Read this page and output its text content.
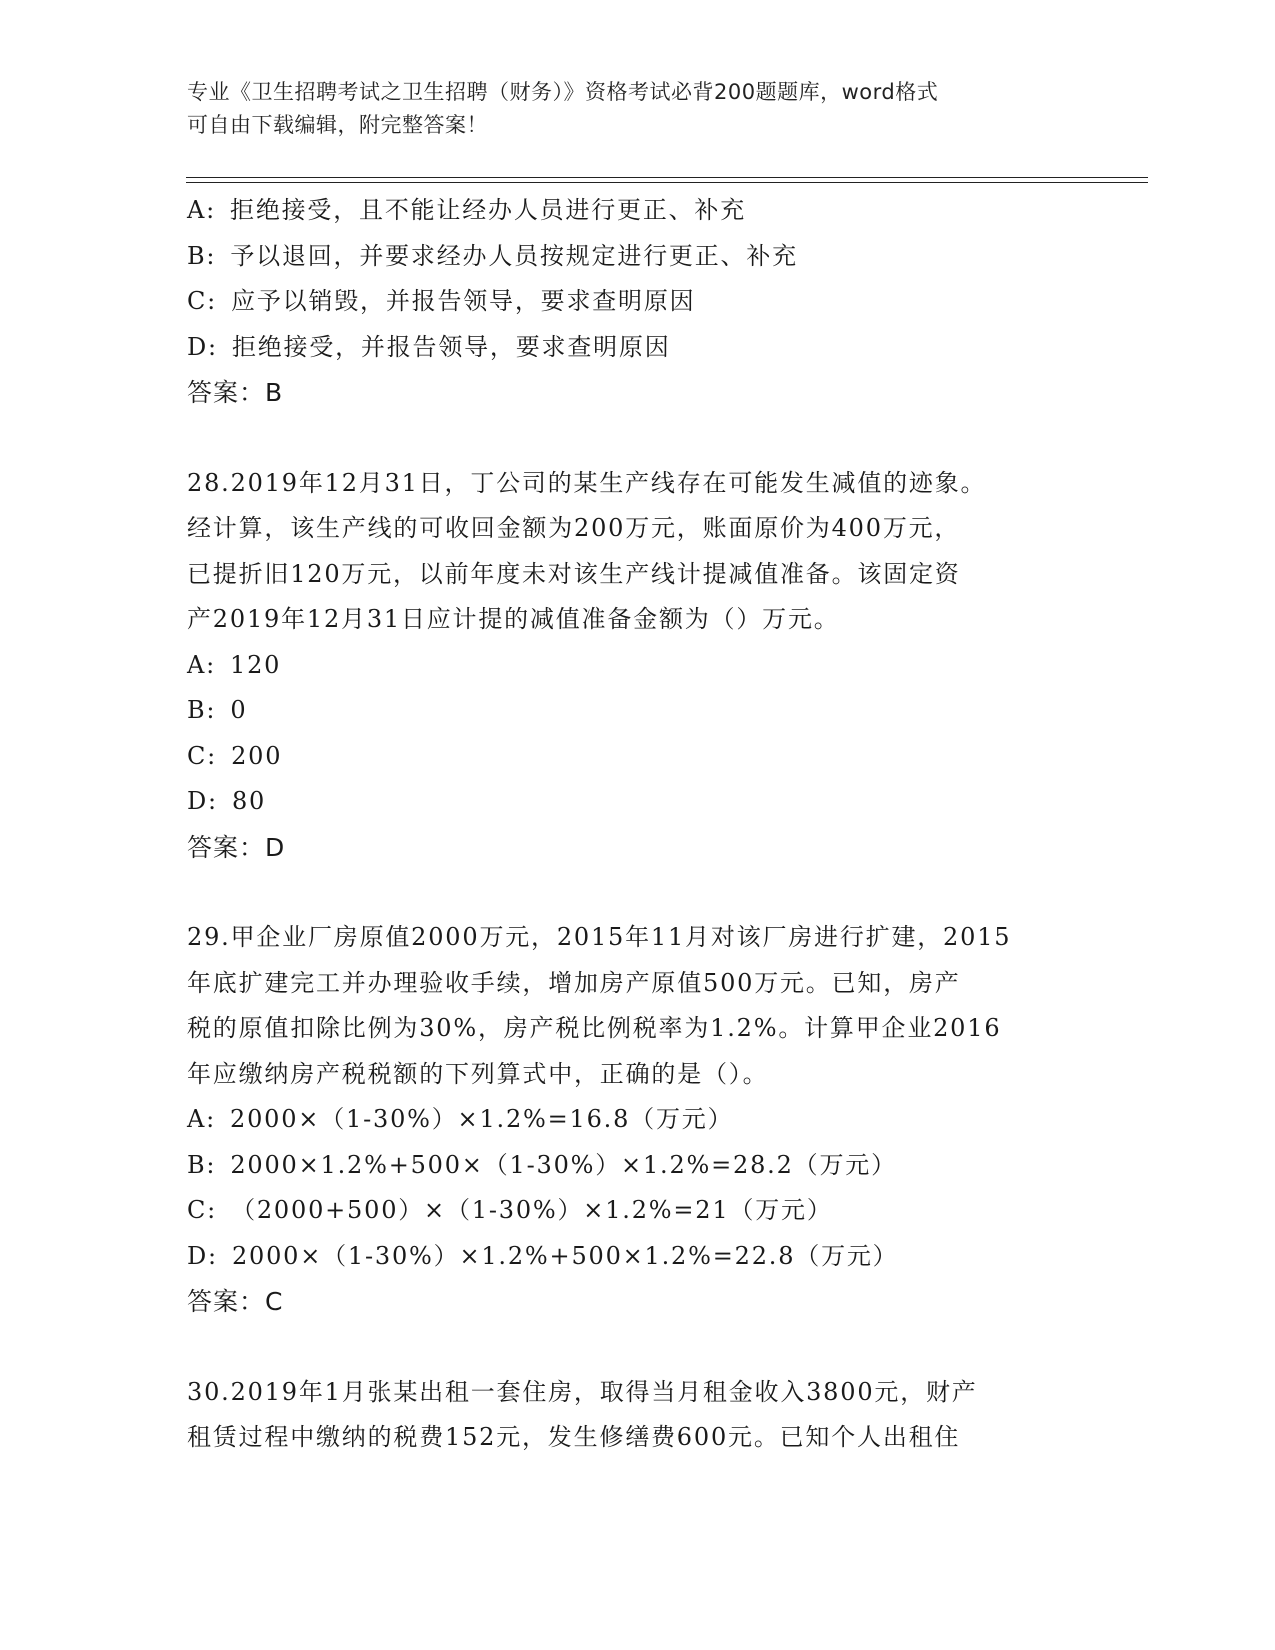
专业《卫生招聘考试之卫生招聘（财务）》资格考试必背200题题库，word格式
可自由下载编辑，附完整答案！
A: 拒绝接受，且不能让经办人员进行更正、补充
B: 予以退回，并要求经办人员按规定进行更正、补充
C: 应予以销毁，并报告领导，要求查明原因
D: 拒绝接受，并报告领导，要求查明原因
答案：B
28.2019年12月31日，丁公司的某生产线存在可能发生减值的迹象。
经计算，该生产线的可收回金额为200万元，账面原价为400万元，
已提折旧120万元，以前年度未对该生产线计提减值准备。该固定资
产2019年12月31日应计提的减值准备金额为（）万元。
A: 120
B: 0
C: 200
D: 80
答案：D
29.甲企业厂房原值2000万元，2015年11月对该厂房进行扩建，2015
年底扩建完工并办理验收手续，增加房产原值500万元。已知，房产
税的原值扣除比例为30%，房产税比例税率为1.2%。计算甲企业2016
年应缴纳房产税税额的下列算式中，正确的是（）。
A: 2000×（1-30%）×1.2%=16.8（万元）
B: 2000×1.2%+500×（1-30%）×1.2%=28.2（万元）
C: （2000+500）×（1-30%）×1.2%=21（万元）
D: 2000×（1-30%）×1.2%+500×1.2%=22.8（万元）
答案：C
30.2019年1月张某出租一套住房，取得当月租金收入3800元，财产
租赁过程中缴纳的税费152元，发生修缮费600元。已知个人出租住
